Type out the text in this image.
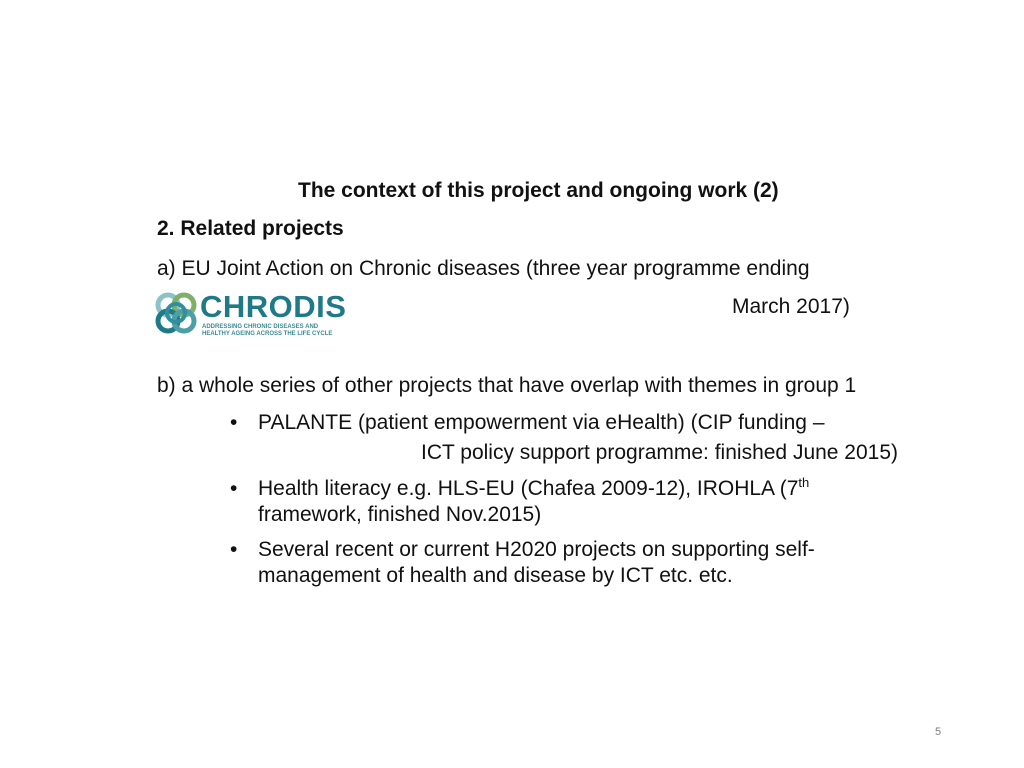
The context of this project and ongoing work (2)
2. Related projects
a) EU Joint Action on Chronic diseases (three year programme ending
March 2017)
CHRODIS
ADDRESSING CHRONIC DISEASES AND
HEALTHY AGEING ACROSS THE LIFE CYCLE
b) a whole series of other projects that have overlap with themes in group 1
• PALANTE (patient empowerment via eHealth) (CIP funding –
ICT policy support programme: finished June 2015)
• Health literacy e.g. HLS-EU (Chafea 2009-12), IROHLA (7th
framework, finished Nov.2015)
• Several recent or current H2020 projects on supporting self-
management of health and disease by ICT etc. etc.
5
